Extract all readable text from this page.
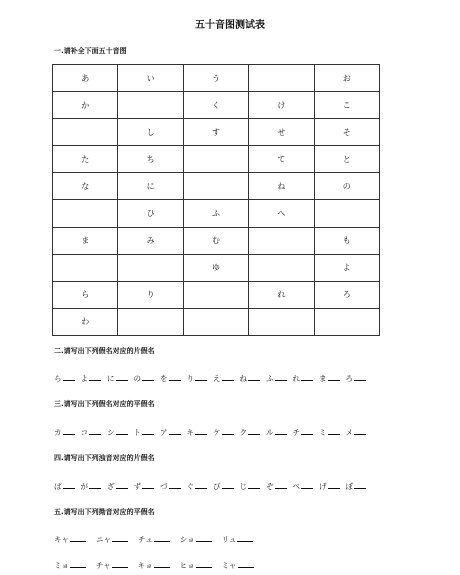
五十音图测试表
一.请补全下面五十音图
あ	い	う		お
か		く	け	こ
	し	す	せ	そ
た	ち		て	と
な	に		ね	の
	ひ	ふ	へ	
ま	み	む		も
		ゆ		よ
ら	り		れ	ろ
わ				
二.请写出下列假名对应的片假名
ら	よ	に	の	を	り	え	ね	ふ	れ	ま	ろ
三.请写出下列假名对应的平假名
カ	コ	シ	ト	ア	キ	ケ	ク	ル	チ	ミ	メ
四.请写出下列浊音对应的片假名
ぱ	が	ざ	ず	づ	ぐ	び	じ	ぞ	べ	げ	ぼ
五.请写出下列拗音对应的平假名
キャ	ニャ	チュ	ショ	リュ
ミョ	チャ	キョ	ヒョ	ミャ
